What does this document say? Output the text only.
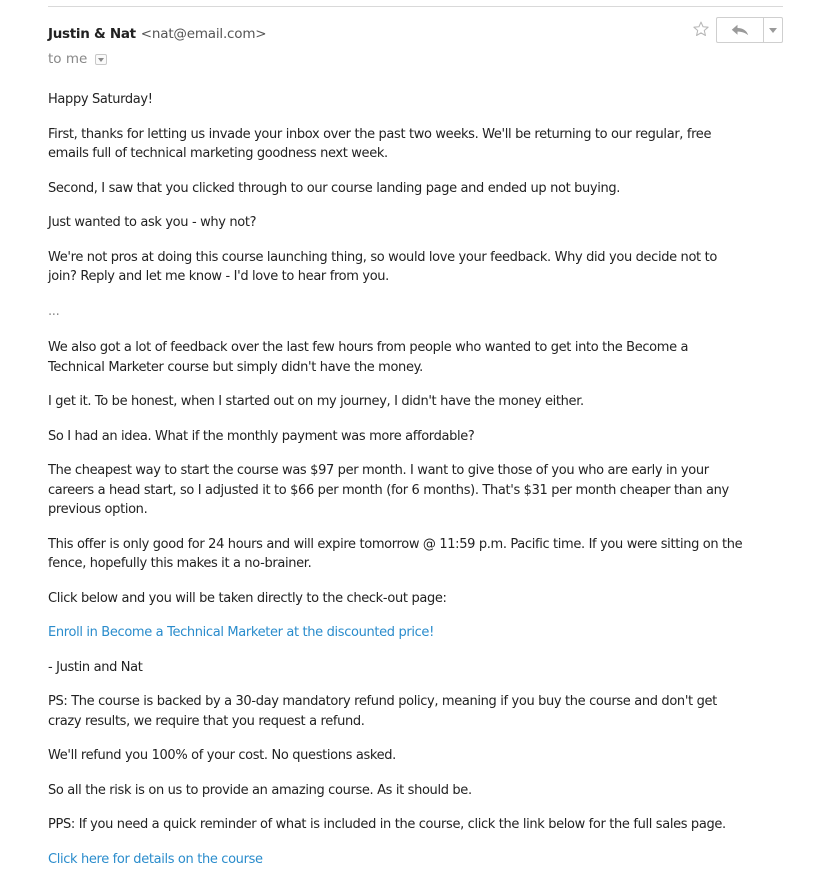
Justin & Nat <nat@email.com>
to me

Happy Saturday!

First, thanks for letting us invade your inbox over the past two weeks. We'll be returning to our regular, free emails full of technical marketing goodness next week.

Second, I saw that you clicked through to our course landing page and ended up not buying.

Just wanted to ask you - why not?

We're not pros at doing this course launching thing, so would love your feedback. Why did you decide not to join? Reply and let me know - I'd love to hear from you.

...

We also got a lot of feedback over the last few hours from people who wanted to get into the Become a Technical Marketer course but simply didn't have the money.

I get it. To be honest, when I started out on my journey, I didn't have the money either.

So I had an idea. What if the monthly payment was more affordable?

The cheapest way to start the course was $97 per month. I want to give those of you who are early in your careers a head start, so I adjusted it to $66 per month (for 6 months). That's $31 per month cheaper than any previous option.

This offer is only good for 24 hours and will expire tomorrow @ 11:59 p.m. Pacific time. If you were sitting on the fence, hopefully this makes it a no-brainer.

Click below and you will be taken directly to the check-out page:

Enroll in Become a Technical Marketer at the discounted price!

- Justin and Nat

PS: The course is backed by a 30-day mandatory refund policy, meaning if you buy the course and don't get crazy results, we require that you request a refund.

We'll refund you 100% of your cost. No questions asked.

So all the risk is on us to provide an amazing course. As it should be.

PPS: If you need a quick reminder of what is included in the course, click the link below for the full sales page.

Click here for details on the course
